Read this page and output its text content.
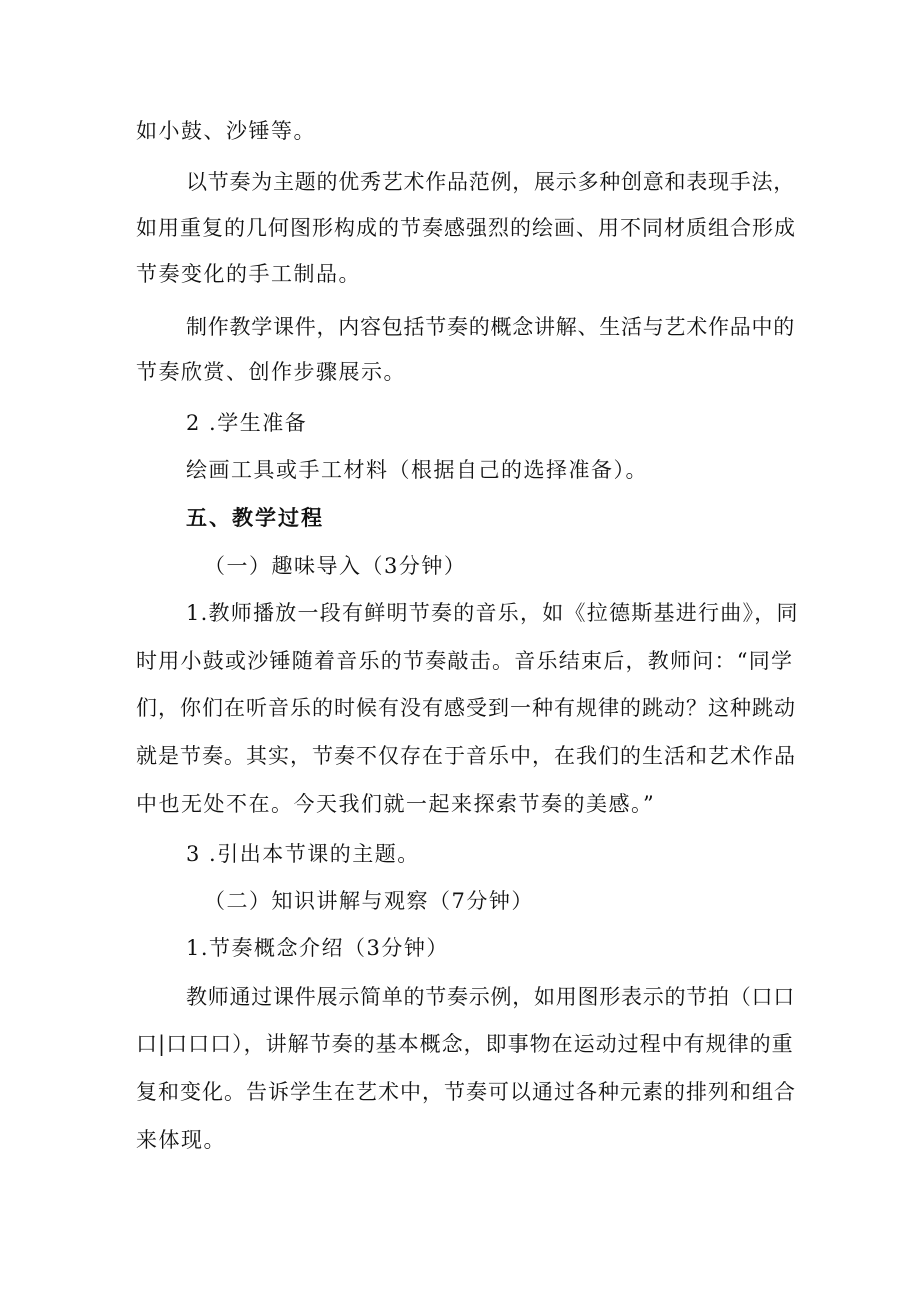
如小鼓、沙锤等。
以节奏为主题的优秀艺术作品范例，展示多种创意和表现手法，
如用重复的几何图形构成的节奏感强烈的绘画、用不同材质组合形成
节奏变化的手工制品。
制作教学课件，内容包括节奏的概念讲解、生活与艺术作品中的
节奏欣赏、创作步骤展示。
2 .学生准备
绘画工具或手工材料（根据自己的选择准备）。
五、教学过程
（一）趣味导入（3分钟）
1.教师播放一段有鲜明节奏的音乐，如《拉德斯基进行曲》，同
时用小鼓或沙锤随着音乐的节奏敲击。音乐结束后，教师问：“同学
们，你们在听音乐的时候有没有感受到一种有规律的跳动？这种跳动
就是节奏。其实，节奏不仅存在于音乐中，在我们的生活和艺术作品
中也无处不在。今天我们就一起来探索节奏的美感。”
3 .引出本节课的主题。
（二）知识讲解与观察（7分钟）
1.节奏概念介绍（3分钟）
教师通过课件展示简单的节奏示例，如用图形表示的节拍（口口
口|口口口），讲解节奏的基本概念，即事物在运动过程中有规律的重
复和变化。告诉学生在艺术中，节奏可以通过各种元素的排列和组合
来体现。
